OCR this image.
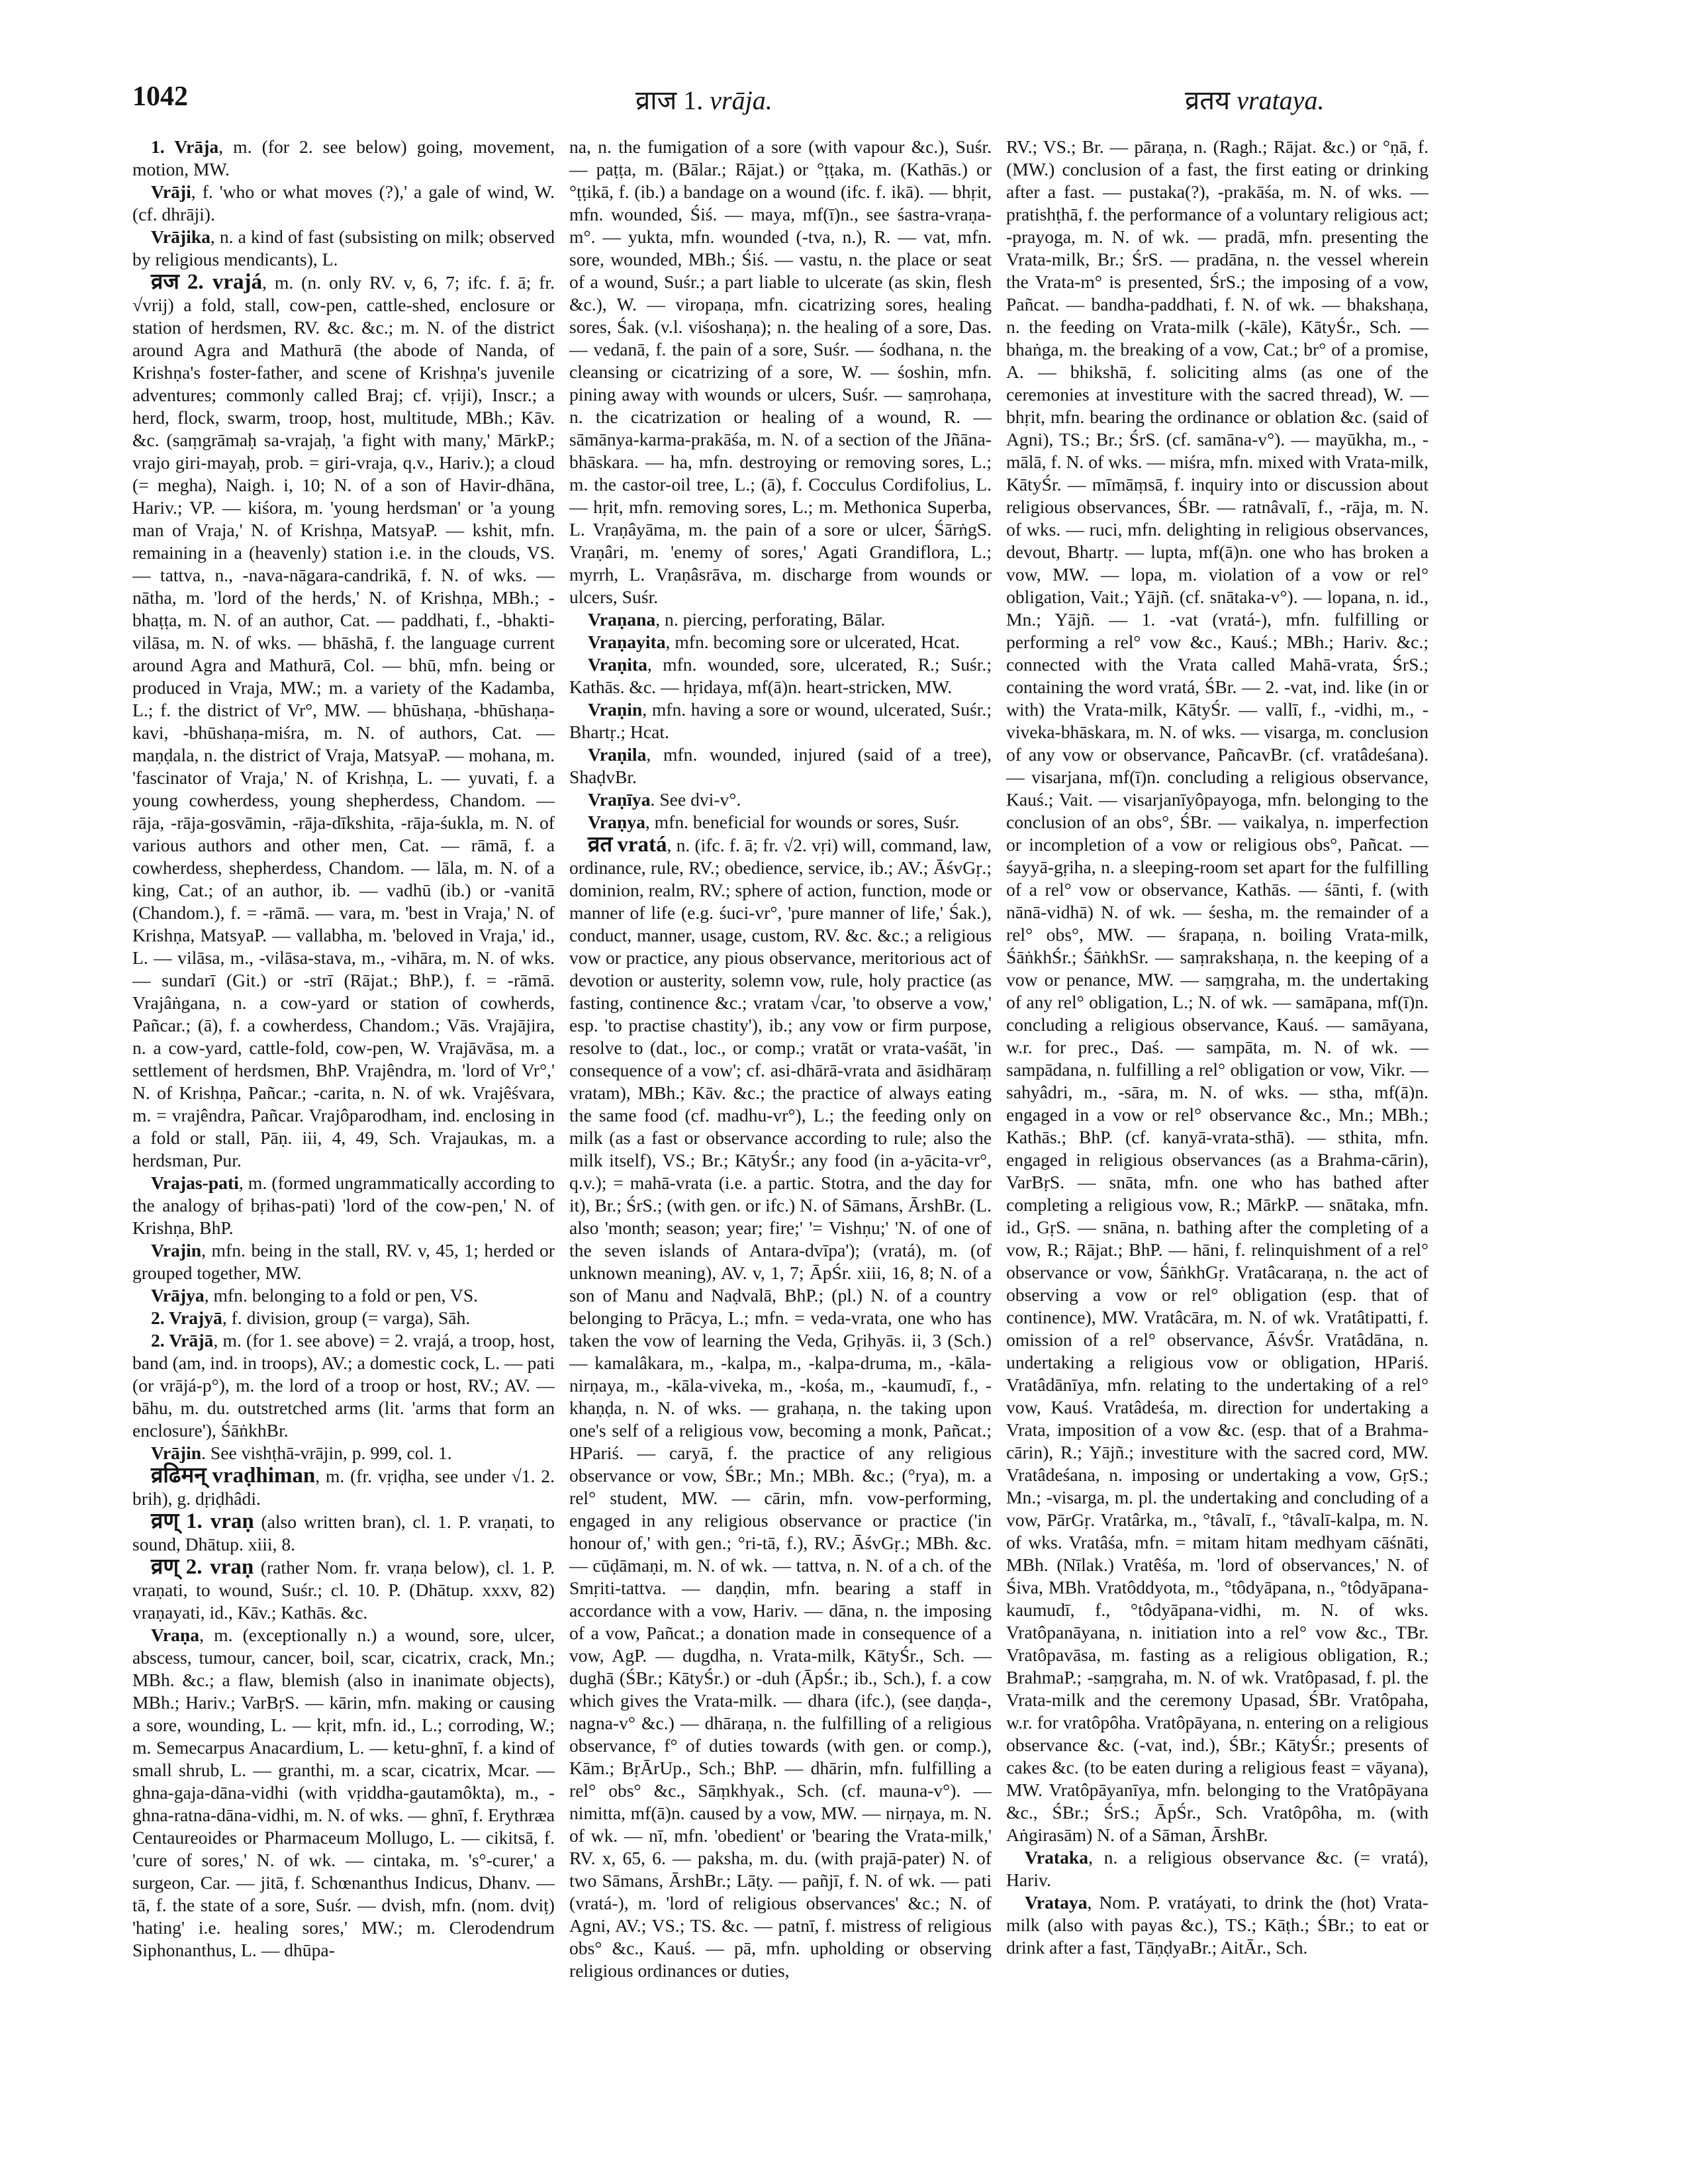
1042	व्राज 1. vrāja.	व्रतय vrataya.

1. Vrāja, m. (for 2. see below) going, movement, motion, MW.

Vrāji, f. 'who or what moves (?),' a gale of wind, W. (cf. dhrāji).

Vrājika, n. a kind of fast (subsisting on milk; observed by religious mendicants), L.

व्रज 2. vrajá, m. (n. only RV. v, 6, 7; ifc. f. ā; fr. √vrij) a fold, stall, cow-pen, cattle-shed, enclosure or station of herdsmen, RV. &c. &c.; m. N. of the district around Agra and Mathurā (the abode of Nanda, of Krishṇa's foster-father, and scene of Krishṇa's juvenile adventures; commonly called Braj; cf. vṛiji), Inscr.; a herd, flock, swarm, troop, host, multitude, MBh.; Kāv. &c. (saṃgrāmaḥ sa-vrajaḥ, 'a fight with many,' MārkP.; vrajo giri-mayaḥ, prob. = giri-vraja, q.v., Hariv.); a cloud (= megha), Naigh. i, 10; N. of a son of Havir-dhāna, Hariv.; VP. — kiśora, m. 'young herdsman' or 'a young man of Vraja,' N. of Krishṇa, MatsyaP. — kshit, mfn. remaining in a (heavenly) station i.e. in the clouds, VS. — tattva, n., -nava-nāgara-candrikā, f. N. of wks. — nātha, m. 'lord of the herds,' N. of Krishṇa, MBh.; -bhaṭṭa, m. N. of an author, Cat. — paddhati, f., -bhakti-vilāsa, m. N. of wks. — bhāshā, f. the language current around Agra and Mathurā, Col. — bhū, mfn. being or produced in Vraja, MW.; m. a variety of the Kadamba, L.; f. the district of Vr°, MW. — bhūshaṇa, -bhūshaṇa-kavi, -bhūshaṇa-miśra, m. N. of authors, Cat. — maṇḍala, n. the district of Vraja, MatsyaP. — mohana, m. 'fascinator of Vraja,' N. of Krishṇa, L. — yuvati, f. a young cowherdess, young shepherdess, Chandom. — rāja, -rāja-gosvāmin, -rāja-dīkshita, -rāja-śukla, m. N. of various authors and other men, Cat. — rāmā, f. a cowherdess, shepherdess, Chandom. — lāla, m. N. of a king, Cat.; of an author, ib. — vadhū (ib.) or -vanitā (Chandom.), f. = -rāmā. — vara, m. 'best in Vraja,' N. of Krishṇa, MatsyaP. — vallabha, m. 'beloved in Vraja,' id., L. — vilāsa, m., -vilāsa-stava, m., -vihāra, m. N. of wks. — sundarī (Git.) or -strī (Rājat.; BhP.), f. = -rāmā. Vrajâṅgana, n. a cow-yard or station of cowherds, Pañcar.; (ā), f. a cowherdess, Chandom.; Vās. Vrajājira, n. a cow-yard, cattle-fold, cow-pen, W. Vrajāvāsa, m. a settlement of herdsmen, BhP. Vrajêndra, m. 'lord of Vr°,' N. of Krishṇa, Pañcar.; -carita, n. N. of wk. Vrajêśvara, m. = vrajêndra, Pañcar. Vrajôparodham, ind. enclosing in a fold or stall, Pāṇ. iii, 4, 49, Sch. Vrajaukas, m. a herdsman, Pur.

Vrajas-pati, m. (formed ungrammatically according to the analogy of bṛihas-pati) 'lord of the cow-pen,' N. of Krishṇa, BhP.

Vrajin, mfn. being in the stall, RV. v, 45, 1; herded or grouped together, MW.

Vrājya, mfn. belonging to a fold or pen, VS.

2. Vrajyā, f. division, group (= varga), Sāh.

2. Vrājā, m. (for 1. see above) = 2. vrajá, a troop, host, band (am, ind. in troops), AV.; a domestic cock, L. — pati (or vrājá-p°), m. the lord of a troop or host, RV.; AV. — bāhu, m. du. outstretched arms (lit. 'arms that form an enclosure'), ŚāṅkhBr.

Vrājin. See vishṭhā-vrājin, p. 999, col. 1.

व्रढिमन् vraḍhiman, m. (fr. vṛiḍha, see under √1. 2. brih), g. dṛiḍhâdi.

व्रण् 1. vraṇ (also written bran), cl. 1. P. vraṇati, to sound, Dhātup. xiii, 8.

व्रण् 2. vraṇ (rather Nom. fr. vraṇa below), cl. 1. P. vraṇati, to wound, Suśr.; cl. 10. P. (Dhātup. xxxv, 82) vraṇayati, id., Kāv.; Kathās. &c.

Vraṇa, m. (exceptionally n.) a wound, sore, ulcer, abscess, tumour, cancer, boil, scar, cicatrix, crack, Mn.; MBh. &c.; a flaw, blemish (also in inanimate objects), MBh.; Hariv.; VarBṛS. — kārin, mfn. making or causing a sore, wounding, L. — kṛit, mfn. id., L.; corroding, W.; m. Semecarpus Anacardium, L. — ketu-ghnī, f. a kind of small shrub, L. — granthi, m. a scar, cicatrix, Mcar. — ghna-gaja-dāna-vidhi (with vṛiddha-gautamôkta), m., -ghna-ratna-dāna-vidhi, m. N. of wks. — ghnī, f. Erythræa Centaureoides or Pharmaceum Mollugo, L. — cikitsā, f. 'cure of sores,' N. of wk. — cintaka, m. 's°-curer,' a surgeon, Car. — jitā, f. Schœnanthus Indicus, Dhanv. — tā, f. the state of a sore, Suśr. — dvish, mfn. (nom. dviṭ) 'hating' i.e. healing sores,' MW.; m. Clerodendrum Siphonanthus, L. — dhūpa-

na, n. the fumigation of a sore (with vapour &c.), Suśr. — paṭṭa, m. (Bālar.; Rājat.) or °ṭṭaka, m. (Kathās.) or °ṭṭikā, f. (ib.) a bandage on a wound (ifc. f. ikā). — bhṛit, mfn. wounded, Śiś. — maya, mf(ī)n., see śastra-vraṇa-m°. — yukta, mfn. wounded (-tva, n.), R. — vat, mfn. sore, wounded, MBh.; Śiś. — vastu, n. the place or seat of a wound, Suśr.; a part liable to ulcerate (as skin, flesh &c.), W. — viropaṇa, mfn. cicatrizing sores, healing sores, Śak. (v.l. viśoshaṇa); n. the healing of a sore, Das. — vedanā, f. the pain of a sore, Suśr. — śodhana, n. the cleansing or cicatrizing of a sore, W. — śoshin, mfn. pining away with wounds or ulcers, Suśr. — saṃrohaṇa, n. the cicatrization or healing of a wound, R. — sāmānya-karma-prakāśa, m. N. of a section of the Jñāna-bhāskara. — ha, mfn. destroying or removing sores, L.; m. the castor-oil tree, L.; (ā), f. Cocculus Cordifolius, L. — hṛit, mfn. removing sores, L.; m. Methonica Superba, L. Vraṇâyāma, m. the pain of a sore or ulcer, ŚārṅgS. Vraṇâri, m. 'enemy of sores,' Agati Grandiflora, L.; myrrh, L. Vraṇâsrāva, m. discharge from wounds or ulcers, Suśr.

Vraṇana, n. piercing, perforating, Bālar.

Vraṇayita, mfn. becoming sore or ulcerated, Hcat.

Vraṇita, mfn. wounded, sore, ulcerated, R.; Suśr.; Kathās. &c. — hṛidaya, mf(ā)n. heart-stricken, MW.

Vraṇin, mfn. having a sore or wound, ulcerated, Suśr.; Bhartṛ.; Hcat.

Vraṇila, mfn. wounded, injured (said of a tree), ShaḍvBr.

Vraṇīya. See dvi-v°.

Vraṇya, mfn. beneficial for wounds or sores, Suśr.

व्रत vratá, n. (ifc. f. ā; fr. √2. vṛi) will, command, law, ordinance, rule, RV.; obedience, service, ib.; AV.; ĀśvGṛ.; dominion, realm, RV.; sphere of action, function, mode or manner of life (e.g. śuci-vr°, 'pure manner of life,' Śak.), conduct, manner, usage, custom, RV. &c. &c.; a religious vow or practice, any pious observance, meritorious act of devotion or austerity, solemn vow, rule, holy practice (as fasting, continence &c.; vratam √car, 'to observe a vow,' esp. 'to practise chastity'), ib.; any vow or firm purpose, resolve to (dat., loc., or comp.; vratāt or vrata-vaśāt, 'in consequence of a vow'; cf. asi-dhārā-vrata and āsidhāraṃ vratam), MBh.; Kāv. &c.; the practice of always eating the same food (cf. madhu-vr°), L.; the feeding only on milk (as a fast or observance according to rule; also the milk itself), VS.; Br.; KātyŚr.; any food (in a-yācita-vr°, q.v.); = mahā-vrata (i.e. a partic. Stotra, and the day for it), Br.; ŚrS.; (with gen. or ifc.) N. of Sāmans, ĀrshBr. (L. also 'month; season; year; fire;' '= Vishṇu;' 'N. of one of the seven islands of Antara-dvīpa'); (vratá), m. (of unknown meaning), AV. v, 1, 7; ĀpŚr. xiii, 16, 8; N. of a son of Manu and Naḍvalā, BhP.; (pl.) N. of a country belonging to Prācya, L.; mfn. = veda-vrata, one who has taken the vow of learning the Veda, Gṛihyās. ii, 3 (Sch.) — kamalâkara, m., -kalpa, m., -kalpa-druma, m., -kāla-nirṇaya, m., -kāla-viveka, m., -kośa, m., -kaumudī, f., -khaṇḍa, n. N. of wks. — grahaṇa, n. the taking upon one's self of a religious vow, becoming a monk, Pañcat.; HPariś. — caryā, f. the practice of any religious observance or vow, ŚBr.; Mn.; MBh. &c.; (°rya), m. a rel° student, MW. — cārin, mfn. vow-performing, engaged in any religious observance or practice ('in honour of,' with gen.; °ri-tā, f.), RV.; ĀśvGṛ.; MBh. &c. — cūḍāmaṇi, m. N. of wk. — tattva, n. N. of a ch. of the Smṛiti-tattva. — daṇḍin, mfn. bearing a staff in accordance with a vow, Hariv. — dāna, n. the imposing of a vow, Pañcat.; a donation made in consequence of a vow, AgP. — dugdha, n. Vrata-milk, KātyŚr., Sch. — dughā (ŚBr.; KātyŚr.) or -duh (ĀpŚr.; ib., Sch.), f. a cow which gives the Vrata-milk. — dhara (ifc.), (see daṇḍa-, nagna-v° &c.) — dhāraṇa, n. the fulfilling of a religious observance, f° of duties towards (with gen. or comp.), Kām.; BṛĀrUp., Sch.; BhP. — dhārin, mfn. fulfilling a rel° obs° &c., Sāṃkhyak., Sch. (cf. mauna-v°). — nimitta, mf(ā)n. caused by a vow, MW. — nirṇaya, m. N. of wk. — nī, mfn. 'obedient' or 'bearing the Vrata-milk,' RV. x, 65, 6. — paksha, m. du. (with prajā-pater) N. of two Sāmans, ĀrshBr.; Lāṭy. — pañjī, f. N. of wk. — pati (vratá-), m. 'lord of religious observances' &c.; N. of Agni, AV.; VS.; TS. &c. — patnī, f. mistress of religious obs° &c., Kauś. — pā, mfn. upholding or observing religious ordinances or duties,

RV.; VS.; Br. — pāraṇa, n. (Ragh.; Rājat. &c.) or °ṇā, f. (MW.) conclusion of a fast, the first eating or drinking after a fast. — pustaka(?), -prakāśa, m. N. of wks. — pratishṭhā, f. the performance of a voluntary religious act; -prayoga, m. N. of wk. — pradā, mfn. presenting the Vrata-milk, Br.; ŚrS. — pradāna, n. the vessel wherein the Vrata-m° is presented, ŚrS.; the imposing of a vow, Pañcat. — bandha-paddhati, f. N. of wk. — bhakshaṇa, n. the feeding on Vrata-milk (-kāle), KātyŚr., Sch. — bhaṅga, m. the breaking of a vow, Cat.; br° of a promise, A. — bhikshā, f. soliciting alms (as one of the ceremonies at investiture with the sacred thread), W. — bhṛit, mfn. bearing the ordinance or oblation &c. (said of Agni), TS.; Br.; ŚrS. (cf. samāna-v°). — mayūkha, m., -mālā, f. N. of wks. — miśra, mfn. mixed with Vrata-milk, KātyŚr. — mīmāṃsā, f. inquiry into or discussion about religious observances, ŚBr. — ratnâvalī, f., -rāja, m. N. of wks. — ruci, mfn. delighting in religious observances, devout, Bhartṛ. — lupta, mf(ā)n. one who has broken a vow, MW. — lopa, m. violation of a vow or rel° obligation, Vait.; Yājñ. (cf. snātaka-v°). — lopana, n. id., Mn.; Yājñ. — 1. -vat (vratá-), mfn. fulfilling or performing a rel° vow &c., Kauś.; MBh.; Hariv. &c.; connected with the Vrata called Mahā-vrata, ŚrS.; containing the word vratá, ŚBr. — 2. -vat, ind. like (in or with) the Vrata-milk, KātyŚr. — vallī, f., -vidhi, m., -viveka-bhāskara, m. N. of wks. — visarga, m. conclusion of any vow or observance, PañcavBr. (cf. vratâdeśana). — visarjana, mf(ī)n. concluding a religious observance, Kauś.; Vait. — visarjanīyôpayoga, mfn. belonging to the conclusion of an obs°, ŚBr. — vaikalya, n. imperfection or incompletion of a vow or religious obs°, Pañcat. — śayyā-gṛiha, n. a sleeping-room set apart for the fulfilling of a rel° vow or observance, Kathās. — śānti, f. (with nānā-vidhā) N. of wk. — śesha, m. the remainder of a rel° obs°, MW. — śrapaṇa, n. boiling Vrata-milk, ŚāṅkhŚr.; ŚāṅkhSr. — saṃrakshaṇa, n. the keeping of a vow or penance, MW. — saṃgraha, m. the undertaking of any rel° obligation, L.; N. of wk. — samāpana, mf(ī)n. concluding a religious observance, Kauś. — samāyana, w.r. for prec., Daś. — sampāta, m. N. of wk. — sampādana, n. fulfilling a rel° obligation or vow, Vikr. — sahyâdri, m., -sāra, m. N. of wks. — stha, mf(ā)n. engaged in a vow or rel° observance &c., Mn.; MBh.; Kathās.; BhP. (cf. kanyā-vrata-sthā). — sthita, mfn. engaged in religious observances (as a Brahma-cārin), VarBṛS. — snāta, mfn. one who has bathed after completing a religious vow, R.; MārkP. — snātaka, mfn. id., GṛS. — snāna, n. bathing after the completing of a vow, R.; Rājat.; BhP. — hāni, f. relinquishment of a rel° observance or vow, ŚāṅkhGṛ. Vratâcaraṇa, n. the act of observing a vow or rel° obligation (esp. that of continence), MW. Vratâcāra, m. N. of wk. Vratâtipatti, f. omission of a rel° observance, ĀśvŚr. Vratâdāna, n. undertaking a religious vow or obligation, HPariś. Vratâdānīya, mfn. relating to the undertaking of a rel° vow, Kauś. Vratâdeśa, m. direction for undertaking a Vrata, imposition of a vow &c. (esp. that of a Brahma-cārin), R.; Yājñ.; investiture with the sacred cord, MW. Vratâdeśana, n. imposing or undertaking a vow, GṛS.; Mn.; -visarga, m. pl. the undertaking and concluding of a vow, PārGṛ. Vratârka, m., °tâvalī, f., °tâvalī-kalpa, m. N. of wks. Vratâśa, mfn. = mitam hitam medhyam cāśnāti, MBh. (Nīlak.) Vratêśa, m. 'lord of observances,' N. of Śiva, MBh. Vratôddyota, m., °tôdyāpana, n., °tôdyāpana-kaumudī, f., °tôdyāpana-vidhi, m. N. of wks. Vratôpanāyana, n. initiation into a rel° vow &c., TBr. Vratôpavāsa, m. fasting as a religious obligation, R.; BrahmaP.; -saṃgraha, m. N. of wk. Vratôpasad, f. pl. the Vrata-milk and the ceremony Upasad, ŚBr. Vratôpaha, w.r. for vratôpôha. Vratôpāyana, n. entering on a religious observance &c. (-vat, ind.), ŚBr.; KātyŚr.; presents of cakes &c. (to be eaten during a religious feast = vāyana), MW. Vratôpāyanīya, mfn. belonging to the Vratôpāyana &c., ŚBr.; ŚrS.; ĀpŚr., Sch. Vratôpôha, m. (with Aṅgirasām) N. of a Sāman, ĀrshBr.

Vrataka, n. a religious observance &c. (= vratá), Hariv.

Vrataya, Nom. P. vratáyati, to drink the (hot) Vrata-milk (also with payas &c.), TS.; Kāṭh.; ŚBr.; to eat or drink after a fast, TāṇḍyaBr.; AitĀr., Sch.
